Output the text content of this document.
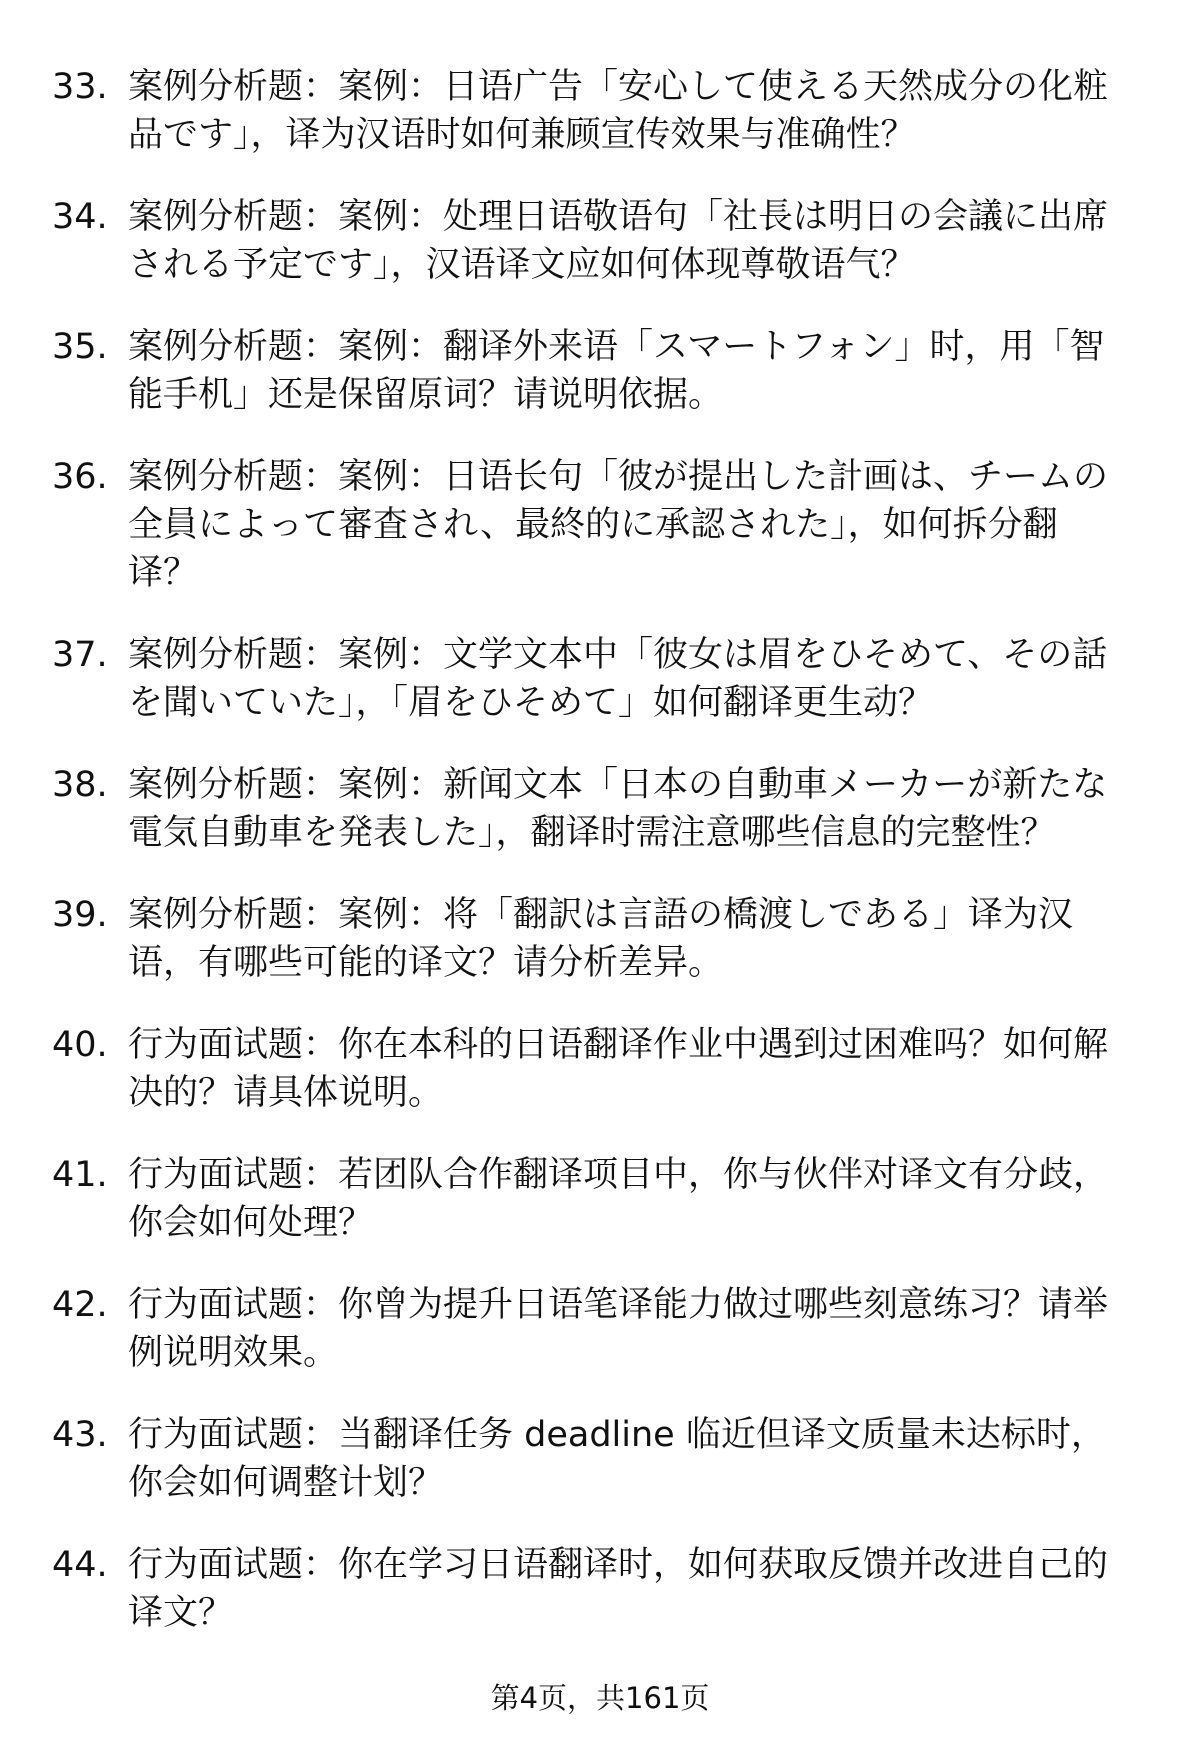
33. 案例分析题：案例：日语广告「安心して使える天然成分の化粧
品です」，译为汉语时如何兼顾宣传效果与准确性？
34. 案例分析题：案例：处理日语敬语句「社長は明日の会議に出席
される予定です」，汉语译文应如何体现尊敬语气？
35. 案例分析题：案例：翻译外来语「スマートフォン」时，用「智
能手机」还是保留原词？请说明依据。
36. 案例分析题：案例：日语长句「彼が提出した計画は、チームの
全員によって審査され、最終的に承認された」，如何拆分翻
译？
37. 案例分析题：案例：文学文本中「彼女は眉をひそめて、その話
を聞いていた」，「眉をひそめて」如何翻译更生动？
38. 案例分析题：案例：新闻文本「日本の自動車メーカーが新たな
電気自動車を発表した」，翻译时需注意哪些信息的完整性？
39. 案例分析题：案例：将「翻訳は言語の橋渡しである」译为汉
语，有哪些可能的译文？请分析差异。
40. 行为面试题：你在本科的日语翻译作业中遇到过困难吗？如何解
决的？请具体说明。
41. 行为面试题：若团队合作翻译项目中，你与伙伴对译文有分歧，
你会如何处理？
42. 行为面试题：你曾为提升日语笔译能力做过哪些刻意练习？请举
例说明效果。
43. 行为面试题：当翻译任务 deadline 临近但译文质量未达标时，
你会如何调整计划？
44. 行为面试题：你在学习日语翻译时，如何获取反馈并改进自己的
译文？
第4页，共161页
